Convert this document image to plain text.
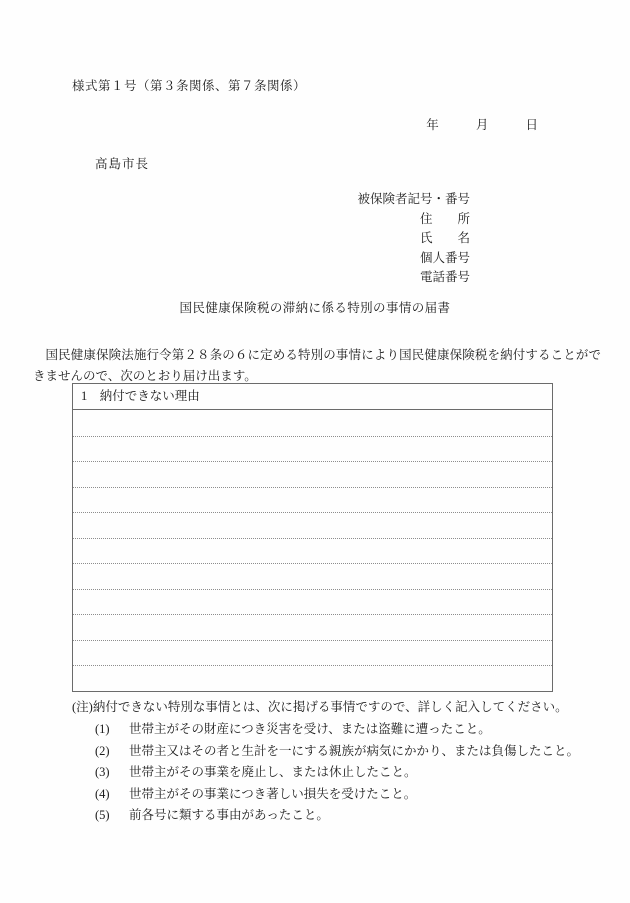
様式第１号（第３条関係、第７条関係）
年	月	日
高島市長
被保険者記号・番号
住　　所
氏　　名
個人番号
電話番号
国民健康保険税の滞納に係る特別の事情の届書
国民健康保険法施行令第２８条の６に定める特別の事情により国民健康保険税を納付することができませんので、次のとおり届け出ます。
1 納付できない理由
(注)納付できない特別な事情とは、次に掲げる事情ですので、詳しく記入してください。
(1) 世帯主がその財産につき災害を受け、または盗難に遭ったこと。
(2) 世帯主又はその者と生計を一にする親族が病気にかかり、または負傷したこと。
(3) 世帯主がその事業を廃止し、または休止したこと。
(4) 世帯主がその事業につき著しい損失を受けたこと。
(5) 前各号に類する事由があったこと。
